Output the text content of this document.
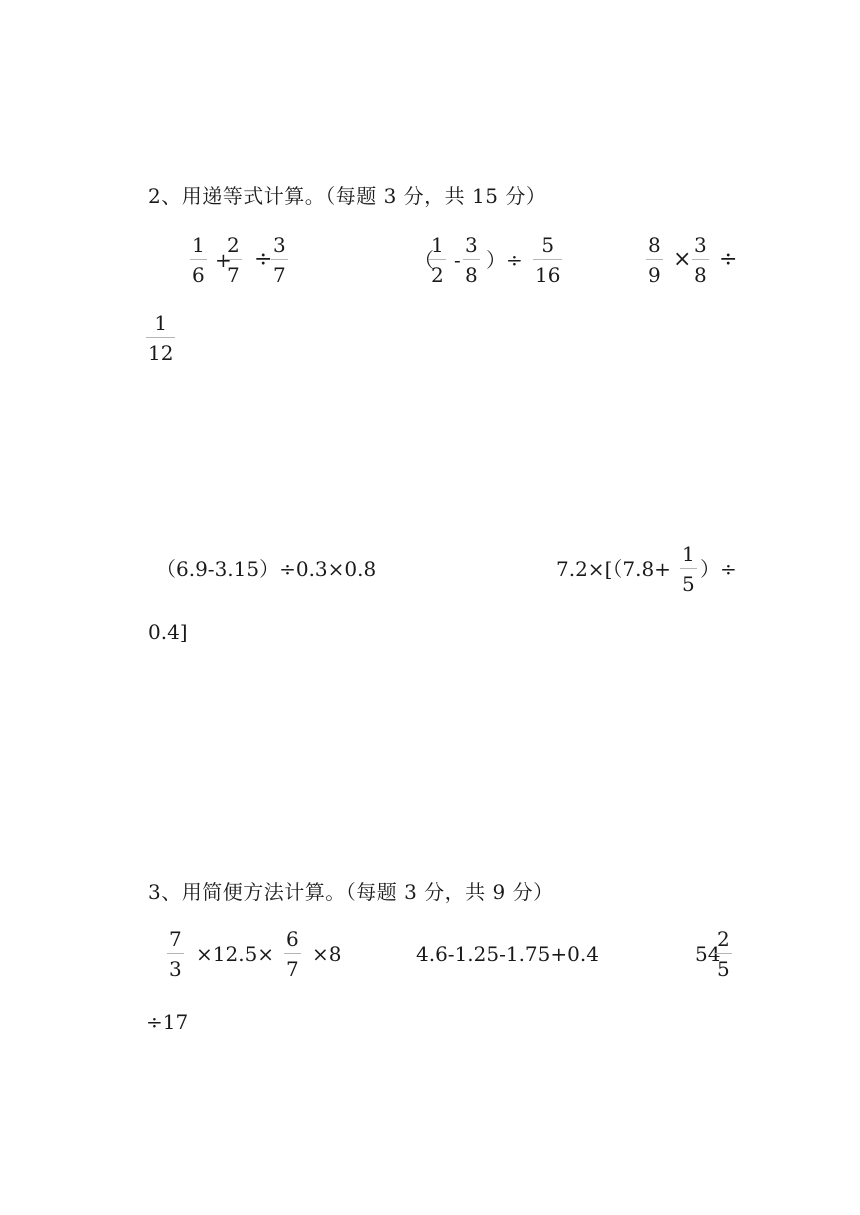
2、用递等式计算。（每题 3 分，共 15 分）
1
6
+
2
7
÷
3
7
（
1
2
-
3
8
）÷
5
16
8
9
×
3
8
÷
1
12
（6.9-3.15）÷0.3×0.8	7.2×[（7.8+
1
5
）÷
0.4]
3、用简便方法计算。（每题 3 分，共 9 分）
7
3
×12.5×
6
7
×8	4.6-1.25-1.75+0.4	54
2
5
÷17
